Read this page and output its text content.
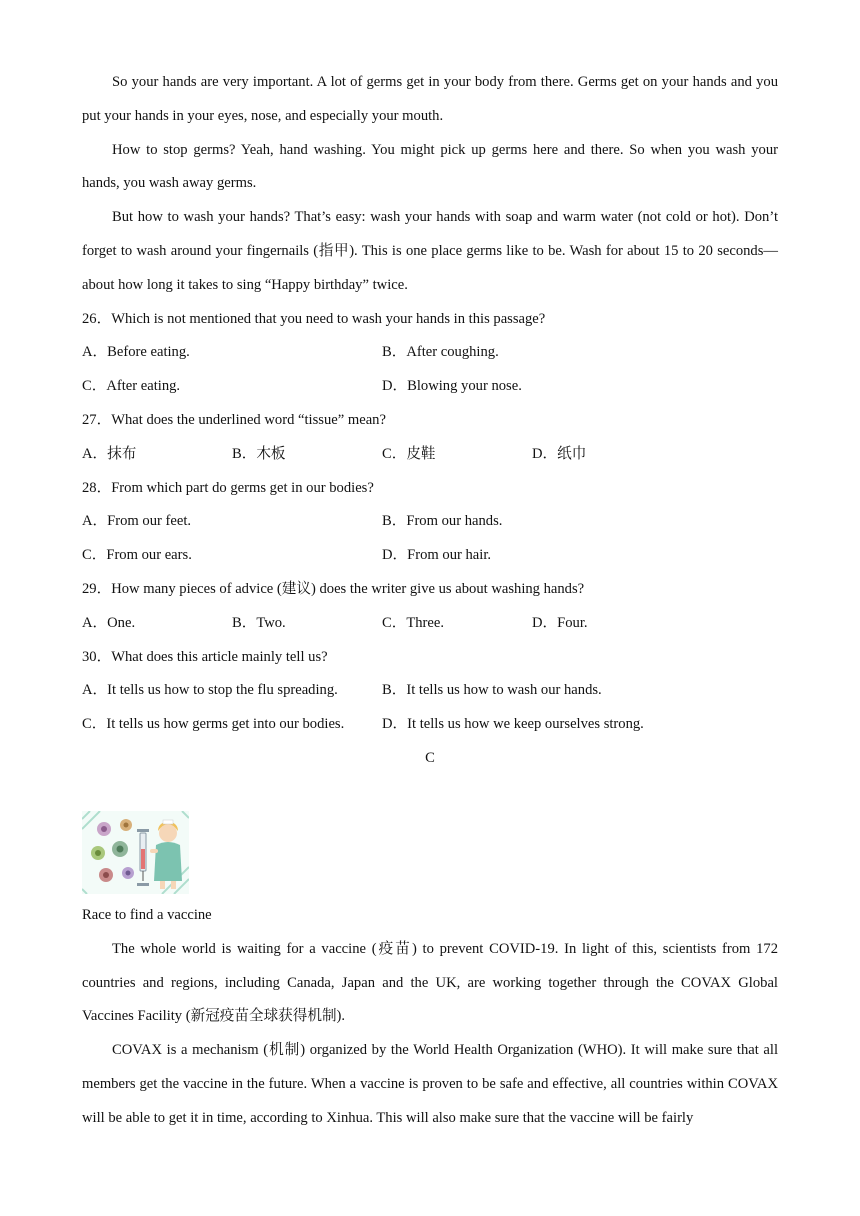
So your hands are very important. A lot of germs get in your body from there. Germs get on your hands and you put your hands in your eyes, nose, and especially your mouth.

How to stop germs? Yeah, hand washing. You might pick up germs here and there. So when you wash your hands, you wash away germs.

But how to wash your hands? That’s easy: wash your hands with soap and warm water (not cold or hot). Don’t forget to wash around your fingernails (指甲). This is one place germs like to be. Wash for about 15 to 20 seconds—about how long it takes to sing “Happy birthday” twice.

26．Which is not mentioned that you need to wash your hands in this passage?

A．Before eating.	B．After coughing.
C．After eating.	D．Blowing your nose.

27．What does the underlined word “tissue” mean?

A．抹布	B．木板	C．皮鞋	D．纸巾

28．From which part do germs get in our bodies?

A．From our feet.	B．From our hands.
C．From our ears.	D．From our hair.

29．How many pieces of advice (建议) does the writer give us about washing hands?

A．One.	B．Two.	C．Three.	D．Four.

30．What does this article mainly tell us?

A．It tells us how to stop the flu spreading.	B．It tells us how to wash our hands.
C．It tells us how germs get into our bodies.	D．It tells us how we keep ourselves strong.

C

Race to find a vaccine

The whole world is waiting for a vaccine (疫苗) to prevent COVID-19. In light of this, scientists from 172 countries and regions, including Canada, Japan and the UK, are working together through the COVAX Global Vaccines Facility (新冠疫苗全球获得机制).

COVAX is a mechanism (机制) organized by the World Health Organization (WHO). It will make sure that all members get the vaccine in the future. When a vaccine is proven to be safe and effective, all countries within COVAX will be able to get it in time, according to Xinhua. This will also make sure that the vaccine will be fairly
